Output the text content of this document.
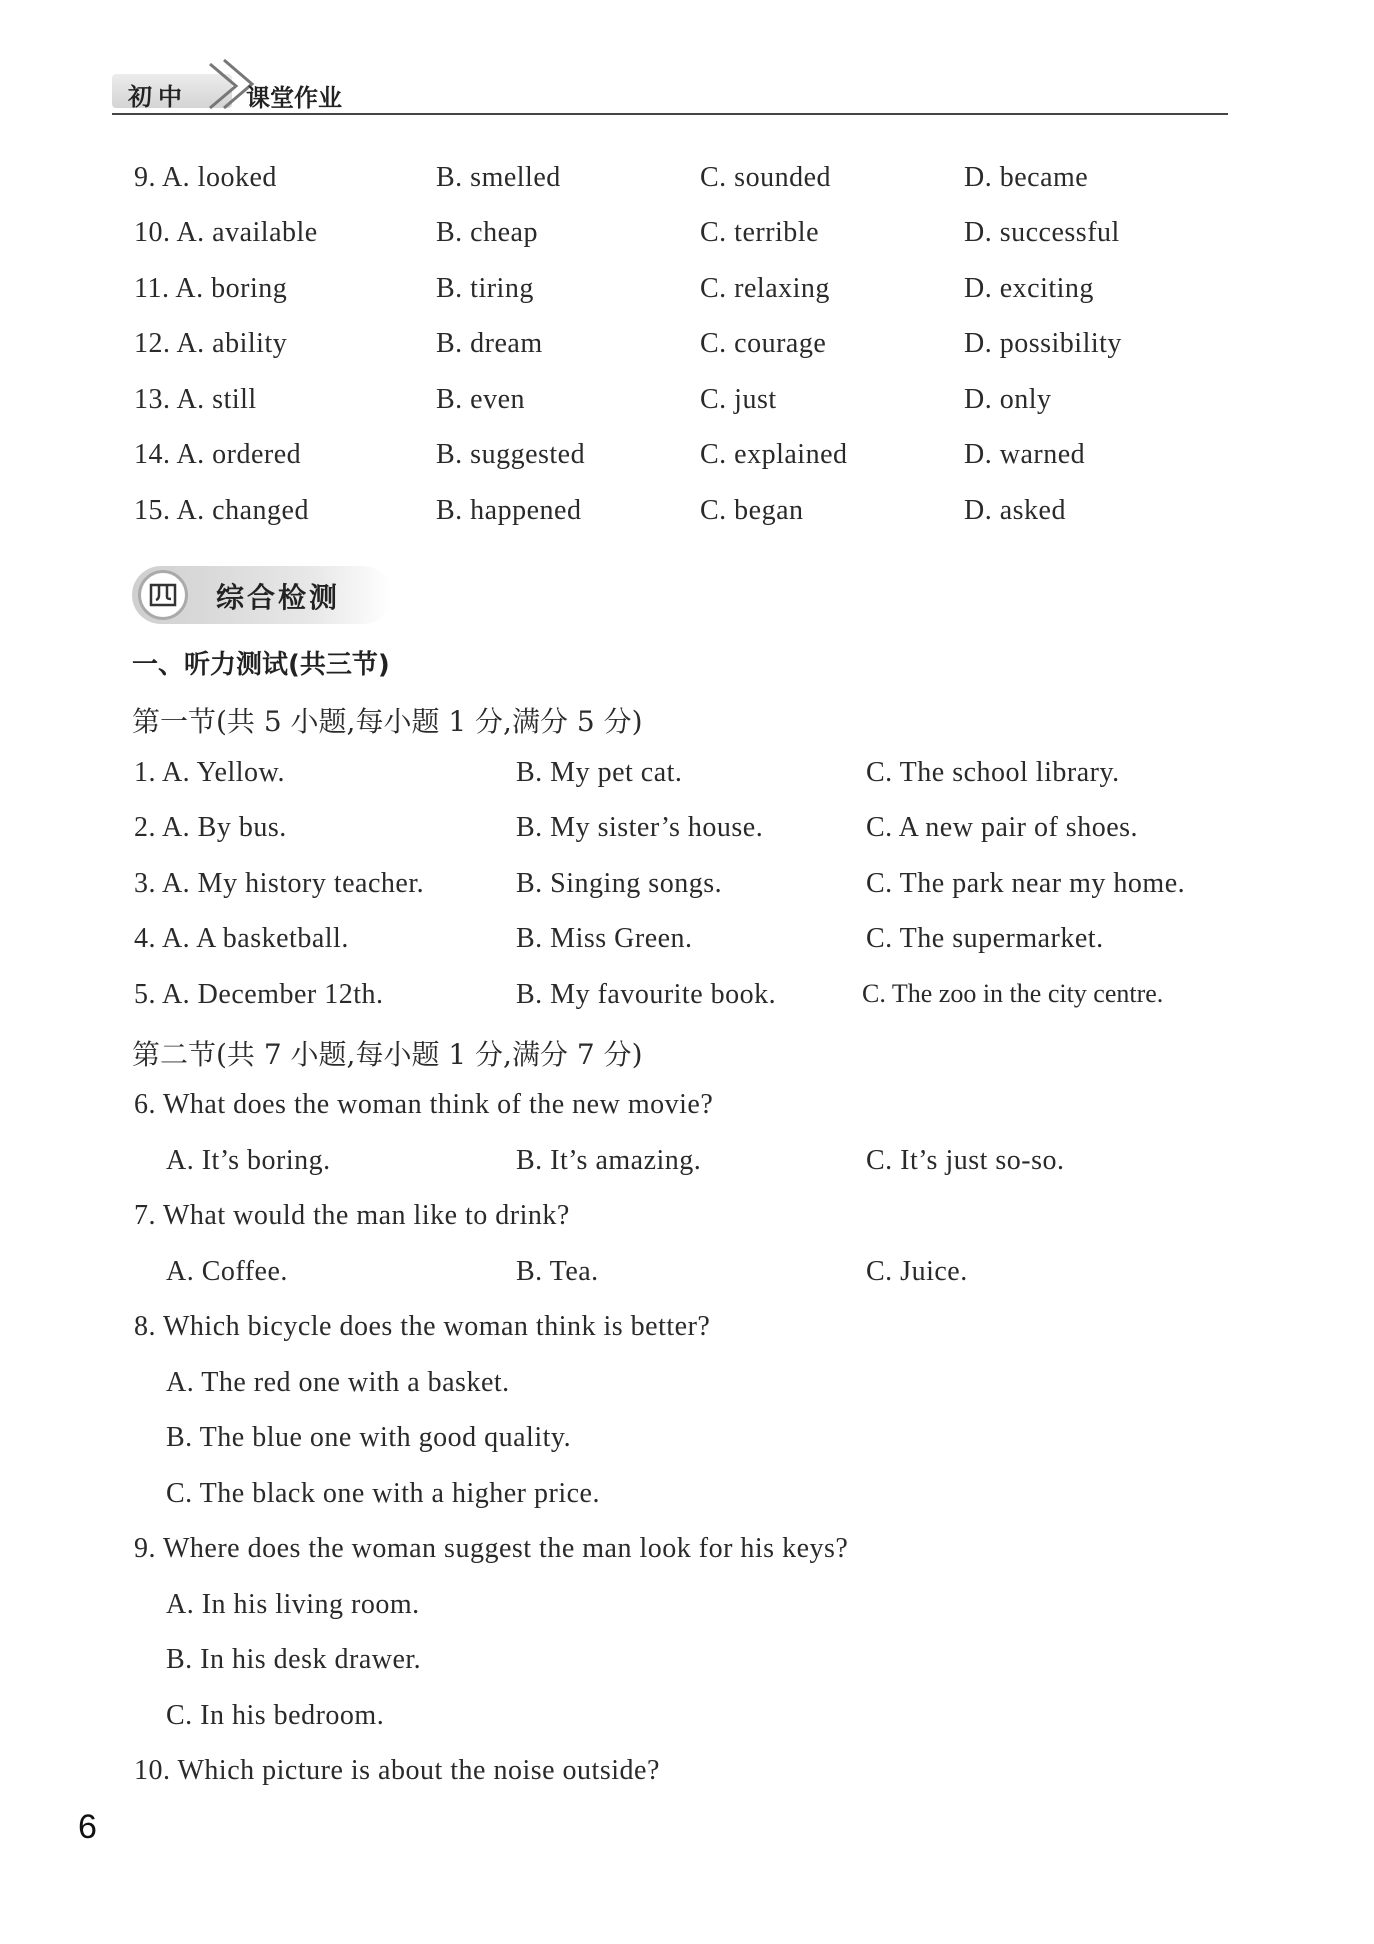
初中 课堂作业
9. A. looked	B. smelled	C. sounded	D. became
10. A. available	B. cheap	C. terrible	D. successful
11. A. boring	B. tiring	C. relaxing	D. exciting
12. A. ability	B. dream	C. courage	D. possibility
13. A. still	B. even	C. just	D. only
14. A. ordered	B. suggested	C. explained	D. warned
15. A. changed	B. happened	C. began	D. asked
综合检测
一、听力测试(共三节)
第一节(共 5 小题,每小题 1 分,满分 5 分)
1. A. Yellow.	B. My pet cat.	C. The school library.
2. A. By bus.	B. My sister’s house.	C. A new pair of shoes.
3. A. My history teacher.	B. Singing songs.	C. The park near my home.
4. A. A basketball.	B. Miss Green.	C. The supermarket.
5. A. December 12th.	B. My favourite book.	C. The zoo in the city centre.
第二节(共 7 小题,每小题 1 分,满分 7 分)
6. What does the woman think of the new movie?
A. It’s boring.	B. It’s amazing.	C. It’s just so-so.
7. What would the man like to drink?
A. Coffee.	B. Tea.	C. Juice.
8. Which bicycle does the woman think is better?
A. The red one with a basket.
B. The blue one with good quality.
C. The black one with a higher price.
9. Where does the woman suggest the man look for his keys?
A. In his living room.
B. In his desk drawer.
C. In his bedroom.
10. Which picture is about the noise outside?
6
